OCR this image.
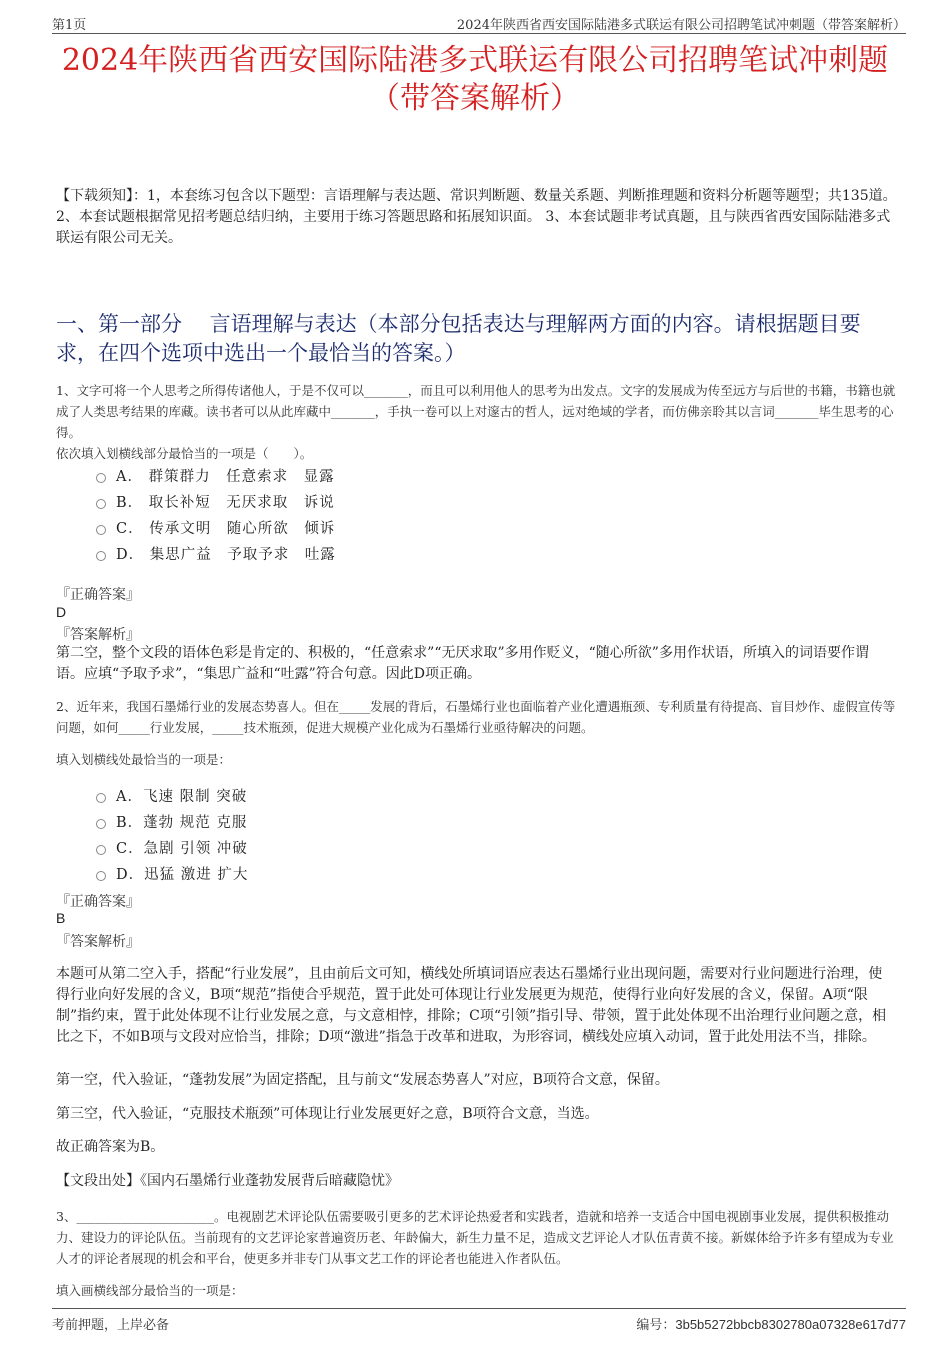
第1页	2024年陕西省西安国际陆港多式联运有限公司招聘笔试冲刺题（带答案解析）
2024年陕西省西安国际陆港多式联运有限公司招聘笔试冲刺题
（带答案解析）
【下载须知】：1，本套练习包含以下题型：言语理解与表达题、常识判断题、数量关系题、判断推理题和资料分析题等题型；共135道。 2、本套试题根据常见招考题总结归纳，主要用于练习答题思路和拓展知识面。 3、本套试题非考试真题，且与陕西省西安国际陆港多式联运有限公司无关。
一、第一部分　 言语理解与表达（本部分包括表达与理解两方面的内容。请根据题目要求，在四个选项中选出一个最恰当的答案。）
1、文字可将一个人思考之所得传诸他人，于是不仅可以_______，而且可以利用他人的思考为出发点。文字的发展成为传至远方与后世的书籍，书籍也就成了人类思考结果的库藏。读书者可以从此库藏中_______，手执一卷可以上对邃古的哲人，远对绝域的学者，而仿佛亲聆其以言词_______毕生思考的心得。
依次填入划横线部分最恰当的一项是（　　）。
A． 群策群力　任意索求　显露
B． 取长补短　无厌求取　诉说
C． 传承文明　随心所欲　倾诉
D． 集思广益　予取予求　吐露
『正确答案』
D
『答案解析』
第二空，整个文段的语体色彩是肯定的、积极的，“任意索求”“无厌求取”多用作贬义，“随心所欲”多用作状语，所填入的词语要作谓语。应填“予取予求”，“集思广益和“吐露”符合句意。因此D项正确。
2、近年来，我国石墨烯行业的发展态势喜人。但在_____发展的背后，石墨烯行业也面临着产业化遭遇瓶颈、专利质量有待提高、盲目炒作、虚假宣传等问题，如何_____行业发展，_____技术瓶颈，促进大规模产业化成为石墨烯行业亟待解决的问题。
填入划横线处最恰当的一项是：
A．飞速 限制 突破
B．蓬勃 规范 克服
C．急剧 引领 冲破
D．迅猛 激进 扩大
『正确答案』
B
『答案解析』
本题可从第二空入手，搭配“行业发展”，且由前后文可知，横线处所填词语应表达石墨烯行业出现问题，需要对行业问题进行治理，使得行业向好发展的含义，B项“规范”指使合乎规范，置于此处可体现让行业发展更为规范，使得行业向好发展的含义，保留。A项“限制”指约束，置于此处体现不让行业发展之意，与文意相悖，排除；C项“引领”指引导、带领，置于此处体现不出治理行业问题之意，相比之下，不如B项与文段对应恰当，排除；D项“激进”指急于改革和进取，为形容词，横线处应填入动词，置于此处用法不当，排除。
第一空，代入验证，“蓬勃发展”为固定搭配，且与前文“发展态势喜人”对应，B项符合文意，保留。
第三空，代入验证，“克服技术瓶颈”可体现让行业发展更好之意，B项符合文意，当选。
故正确答案为B。
【文段出处】《国内石墨烯行业蓬勃发展背后暗藏隐忧》
3、______________________。电视剧艺术评论队伍需要吸引更多的艺术评论热爱者和实践者，造就和培养一支适合中国电视剧事业发展，提供积极推动力、建设力的评论队伍。当前现有的文艺评论家普遍资历老、年龄偏大，新生力量不足，造成文艺评论人才队伍青黄不接。新媒体给予许多有望成为专业人才的评论者展现的机会和平台，使更多并非专门从事文艺工作的评论者也能进入作者队伍。
填入画横线部分最恰当的一项是：
考前押题，上岸必备	编号：3b5b5272bbcb8302780a07328e617d77
